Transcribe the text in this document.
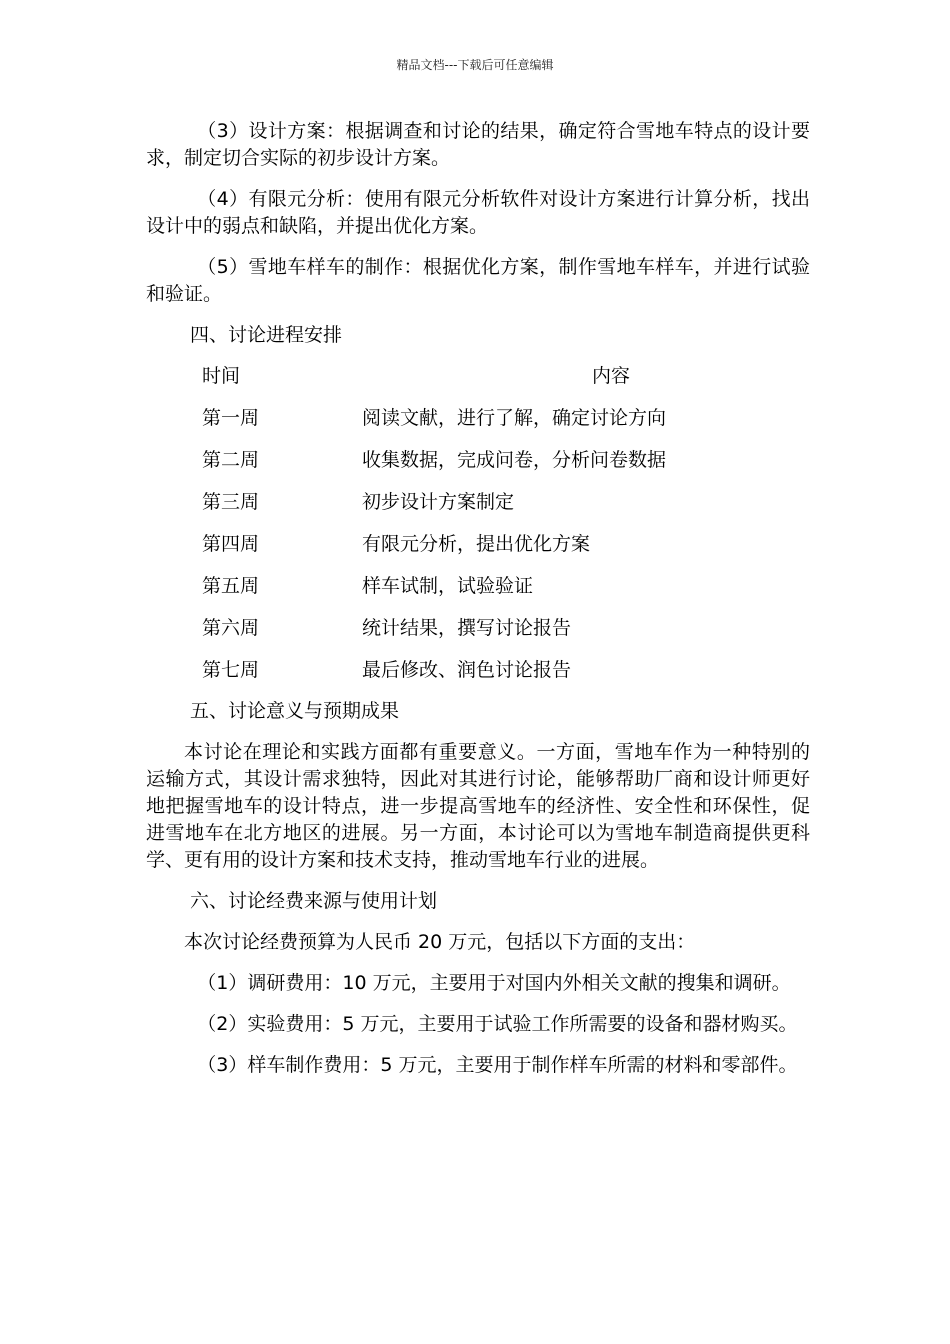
精品文档---下载后可任意编辑

（3）设计方案：根据调查和讨论的结果，确定符合雪地车特点的设计要求，制定切合实际的初步设计方案。

（4）有限元分析：使用有限元分析软件对设计方案进行计算分析，找出设计中的弱点和缺陷，并提出优化方案。

（5）雪地车样车的制作：根据优化方案，制作雪地车样车，并进行试验和验证。

四、讨论进程安排
时间	内容
第一周	阅读文献，进行了解，确定讨论方向
第二周	收集数据，完成问卷，分析问卷数据
第三周	初步设计方案制定
第四周	有限元分析，提出优化方案
第五周	样车试制，试验验证
第六周	统计结果，撰写讨论报告
第七周	最后修改、润色讨论报告
五、讨论意义与预期成果

本讨论在理论和实践方面都有重要意义。一方面，雪地车作为一种特别的运输方式，其设计需求独特，因此对其进行讨论，能够帮助厂商和设计师更好地把握雪地车的设计特点，进一步提高雪地车的经济性、安全性和环保性，促进雪地车在北方地区的进展。另一方面，本讨论可以为雪地车制造商提供更科学、更有用的设计方案和技术支持，推动雪地车行业的进展。

六、讨论经费来源与使用计划

本次讨论经费预算为人民币 20 万元，包括以下方面的支出：

（1）调研费用：10 万元，主要用于对国内外相关文献的搜集和调研。

（2）实验费用：5 万元，主要用于试验工作所需要的设备和器材购买。

（3）样车制作费用：5 万元，主要用于制作样车所需的材料和零部件。
